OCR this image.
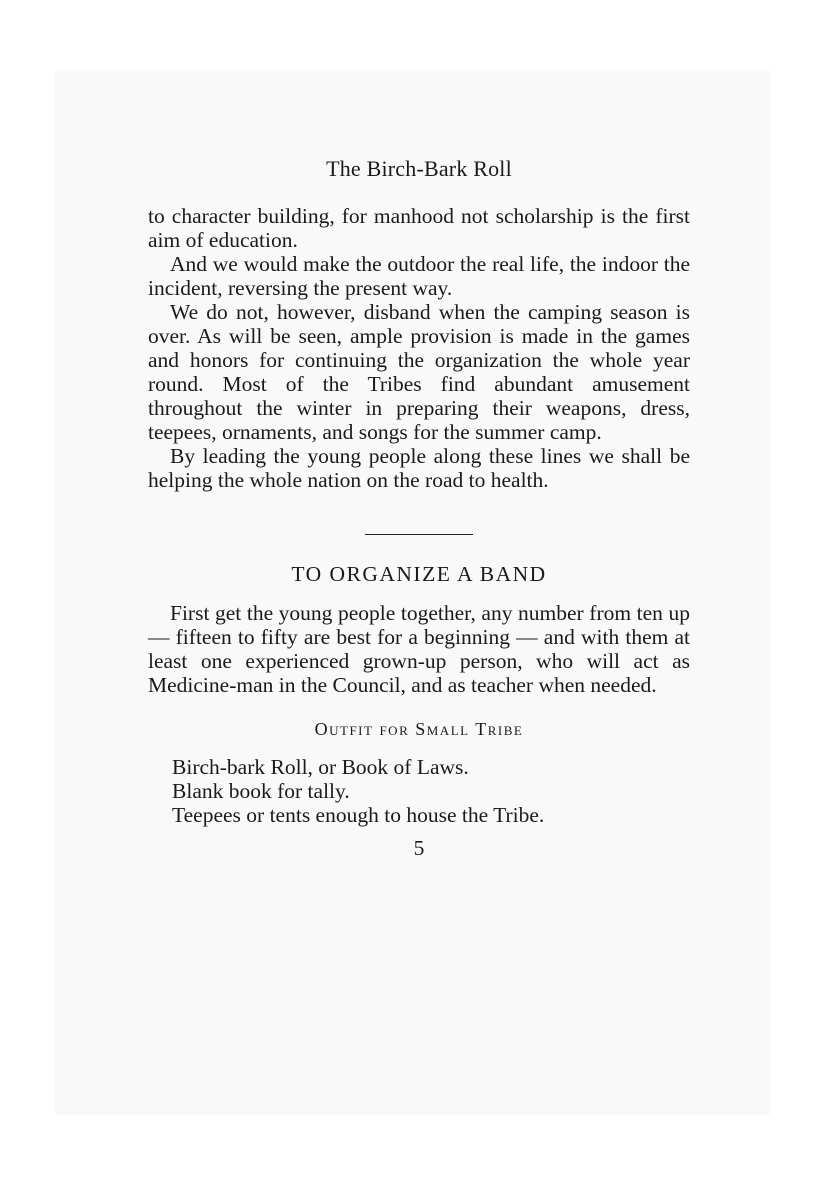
The Birch-Bark Roll

to character building, for manhood not scholarship is the first aim of education.

And we would make the outdoor the real life, the indoor the incident, reversing the present way.

We do not, however, disband when the camping season is over. As will be seen, ample provision is made in the games and honors for continuing the organization the whole year round. Most of the Tribes find abundant amusement throughout the winter in preparing their weapons, dress, teepees, ornaments, and songs for the summer camp.

By leading the young people along these lines we shall be helping the whole nation on the road to health.

TO ORGANIZE A BAND

First get the young people together, any number from ten up — fifteen to fifty are best for a beginning — and with them at least one experienced grown-up person, who will act as Medicine-man in the Council, and as teacher when needed.

Outfit for Small Tribe
Birch-bark Roll, or Book of Laws.
Blank book for tally.
Teepees or tents enough to house the Tribe.
5
